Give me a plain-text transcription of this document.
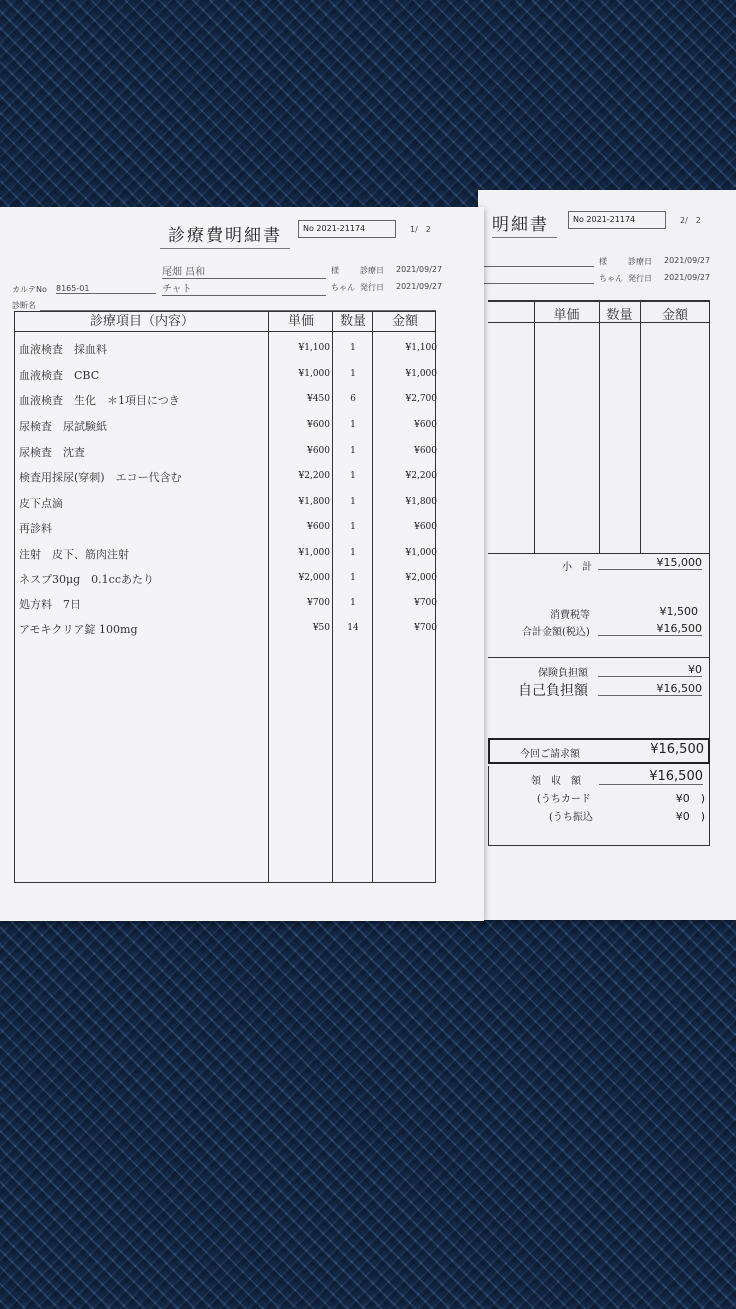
診療費明細書	No 2021-21174	1/　2
尾畑 昌和	様	診療日 2021/09/27
カルテNo 8165-01	チャト	ちゃん 発行日 2021/09/27
診断名
診療項目（内容）	単価	数量	金額
血液検査　採血料	¥1,100	1	¥1,100
血液検査　CBC	¥1,000	1	¥1,000
血液検査　生化　＊1項目につき	¥450	6	¥2,700
尿検査　尿試験紙	¥600	1	¥600
尿検査　沈査	¥600	1	¥600
検査用採尿(穿刺)　エコー代含む	¥2,200	1	¥2,200
皮下点滴	¥1,800	1	¥1,800
再診料	¥600	1	¥600
注射　皮下、筋肉注射	¥1,000	1	¥1,000
ネスプ30μg　0.1ccあたり	¥2,000	1	¥2,000
処方料　7日	¥700	1	¥700
アモキクリア錠 100mg	¥50	14	¥700
明細書	No 2021-21174	2/　2
様	診療日 2021/09/27
ちゃん 発行日 2021/09/27
単価	数量	金額
小　計	¥15,000
消費税等	¥1,500
合計金額(税込)	¥16,500
保険負担額	¥0
自己負担額	¥16,500
今回ご請求額	¥16,500
領　収　額	¥16,500
(うちカード	¥0　)
(うち振込	¥0　)
